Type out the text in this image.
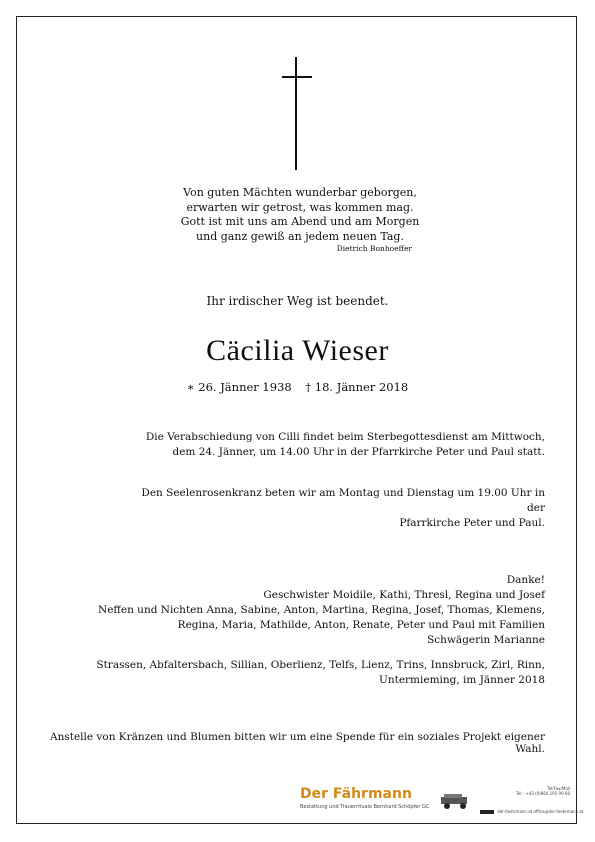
Von guten Mächten wunderbar geborgen,
erwarten wir getrost, was kommen mag.
Gott ist mit uns am Abend und am Morgen
und ganz gewiß an jedem neuen Tag.
Dietrich Bonhoeffer
Ihr irdischer Weg ist beendet.
Cäcilia Wieser
∗ 26. Jänner 1938 † 18. Jänner 2018
Die Verabschiedung von Cilli findet beim Sterbegottesdienst am Mittwoch,
dem 24. Jänner, um 14.00 Uhr in der Pfarrkirche Peter und Paul statt.
Den Seelenrosenkranz beten wir am Montag und Dienstag um 19.00 Uhr in der
Pfarrkirche Peter und Paul.
Danke!
Geschwister Moidile, Kathi, Thresl, Regina und Josef
Neffen und Nichten Anna, Sabine, Anton, Martina, Regina, Josef, Thomas, Klemens,
Regina, Maria, Mathilde, Anton, Renate, Peter und Paul mit Familien
Schwägerin Marianne
Strassen, Abfaltersbach, Sillian, Oberlienz, Telfs, Lienz, Trins, Innsbruck, Zirl, Rinn,
Untermieming, im Jänner 2018
Anstelle von Kränzen und Blumen bitten wir um eine Spende für ein soziales Projekt eigener Wahl.
Der Fährmann
Bestattung und Trauerrituale Bernhard Schöpfer GC
Tel/Fax/Mail
Tel.: +43 (0)664 195 99 60
der-faehrmann.at office@der-faehrmann.at
